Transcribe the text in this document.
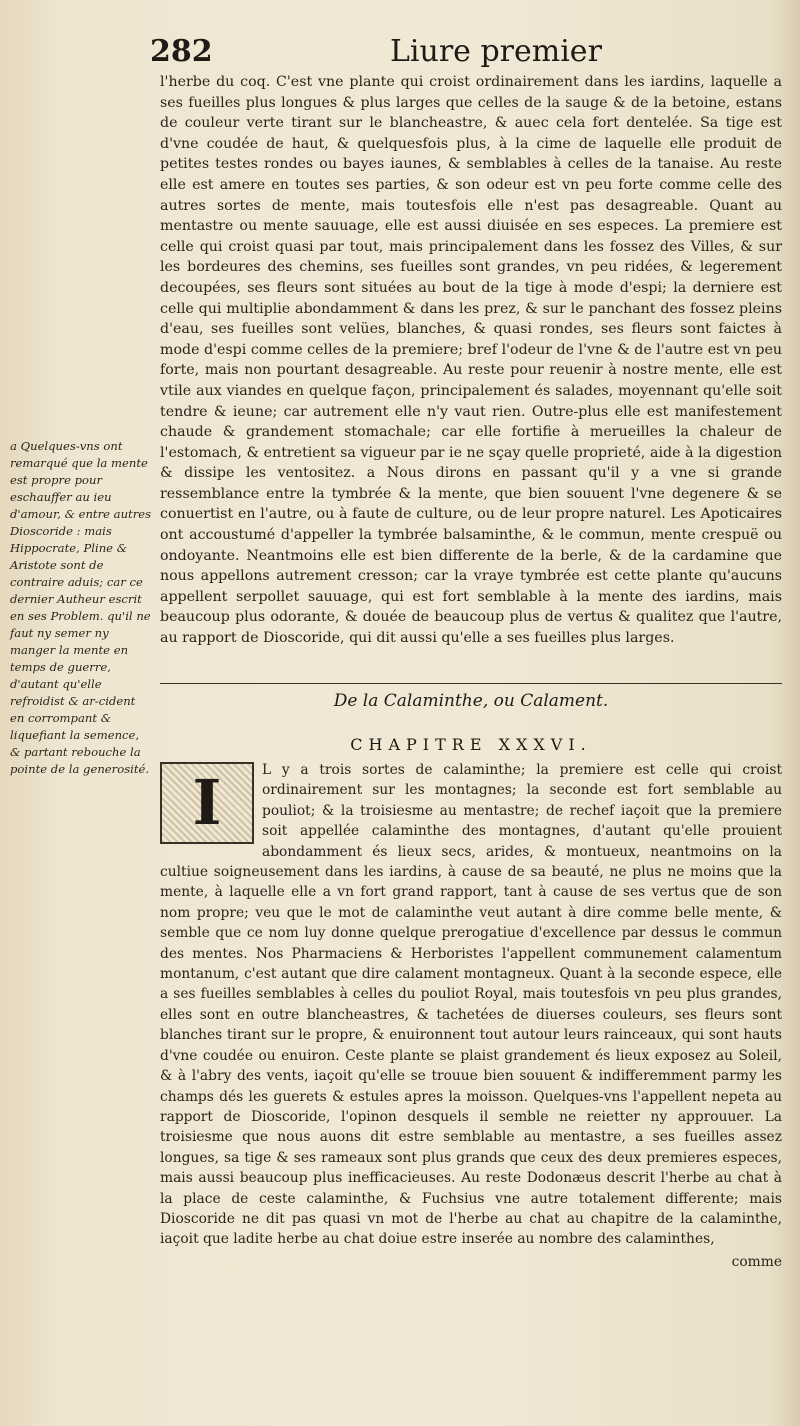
282	Liure premier

l'herbe du coq. C'est vne plante qui croist ordinairement dans les iardins, laquelle a ses fueilles plus longues & plus larges que celles de la sauge & de la betoine, estans de couleur verte tirant sur le blancheastre, & auec cela fort dentelée. Sa tige est d'vne coudée de haut, & quelquesfois plus, à la cime de laquelle elle produit de petites testes rondes ou bayes iaunes, & semblables à celles de la tanaise. Au reste elle est amere en toutes ses parties, & son odeur est vn peu forte comme celle des autres sortes de mente, mais toutesfois elle n'est pas desagreable. Quant au mentastre ou mente sauuage, elle est aussi diuisée en ses especes. La premiere est celle qui croist quasi par tout, mais principalement dans les fossez des Villes, & sur les bordeures des chemins, ses fueilles sont grandes, vn peu ridées, & legerement decoupées, ses fleurs sont situées au bout de la tige à mode d'espi; la derniere est celle qui multiplie abondamment & dans les prez, & sur le panchant des fossez pleins d'eau, ses fueilles sont velües, blanches, & quasi rondes, ses fleurs sont faictes à mode d'espi comme celles de la premiere; bref l'odeur de l'vne & de l'autre est vn peu forte, mais non pourtant desagreable. Au reste pour reuenir à nostre mente, elle est vtile aux viandes en quelque façon, principalement és salades, moyennant qu'elle soit tendre & ieune; car autrement elle n'y vaut rien. Outre-plus elle est manifestement chaude & grandement stomachale; car elle fortifie à merueilles la chaleur de l'estomach, & entretient sa vigueur par ie ne sçay quelle proprieté, aide à la digestion & dissipe les ventositez. a Nous dirons en passant qu'il y a vne si grande ressemblance entre la tymbrée & la mente, que bien souuent l'vne degenere & se conuertist en l'autre, ou à faute de culture, ou de leur propre naturel. Les Apoticaires ont accoustumé d'appeller la tymbrée balsaminthe, & le commun, mente crespuë ou ondoyante. Neantmoins elle est bien differente de la berle, & de la cardamine que nous appellons autrement cresson; car la vraye tymbrée est cette plante qu'aucuns appellent serpollet sauuage, qui est fort semblable à la mente des iardins, mais beaucoup plus odorante, & douée de beaucoup plus de vertus & qualitez que l'autre, au rapport de Dioscoride, qui dit aussi qu'elle a ses fueilles plus larges.

a Quelques-vns ont remarqué que la mente est propre pour eschauffer au ieu d'amour, & entre autres Dioscoride : mais Hippocrate, Pline & Aristote sont de contraire aduis; car ce dernier Autheur escrit en ses Problem. qu'il ne faut ny semer ny manger la mente en temps de guerre, d'autant qu'elle refroidist & ar-cident en corrompant & liquefiant la semence, & partant rebouche la pointe de la generosité.
De la Calaminthe, ou Calament.
CHAPITRE XXXVI.
I	L y a trois sortes de calaminthe; la premiere est celle qui croist ordinairement sur les montagnes; la seconde est fort semblable au pouliot; & la troisiesme au mentastre; de rechef iaçoit que la premiere soit appellée calaminthe des montagnes, d'autant qu'elle prouient abondamment és lieux secs, arides, & montueux, neantmoins on la cultiue soigneusement dans les iardins, à cause de sa beauté, ne plus ne moins que la mente, à laquelle elle a vn fort grand rapport, tant à cause de ses vertus que de son nom propre; veu que le mot de calaminthe veut autant à dire comme belle mente, & semble que ce nom luy donne quelque prerogatiue d'excellence par dessus le commun des mentes. Nos Pharmaciens & Herboristes l'appellent communement calamentum montanum, c'est autant que dire calament montagneux. Quant à la seconde espece, elle a ses fueilles semblables à celles du pouliot Royal, mais toutesfois vn peu plus grandes, elles sont en outre blancheastres, & tachetées de diuerses couleurs, ses fleurs sont blanches tirant sur le propre, & enuironnent tout autour leurs rainceaux, qui sont hauts d'vne coudée ou enuiron. Ceste plante se plaist grandement és lieux exposez au Soleil, & à l'abry des vents, iaçoit qu'elle se trouue bien souuent & indifferemment parmy les champs dés les guerets & estules apres la moisson. Quelques-vns l'appellent nepeta au rapport de Dioscoride, l'opinon desquels il semble ne reietter ny approuuer. La troisiesme que nous auons dit estre semblable au mentastre, a ses fueilles assez longues, sa tige & ses rameaux sont plus grands que ceux des deux premieres especes, mais aussi beaucoup plus inefficacieuses. Au reste Dodonæus descrit l'herbe au chat à la place de ceste calaminthe, & Fuchsius vne autre totalement differente; mais Dioscoride ne dit pas quasi vn mot de l'herbe au chat au chapitre de la calaminthe, iaçoit que ladite herbe au chat doiue estre inserée au nombre des calaminthes,

comme
